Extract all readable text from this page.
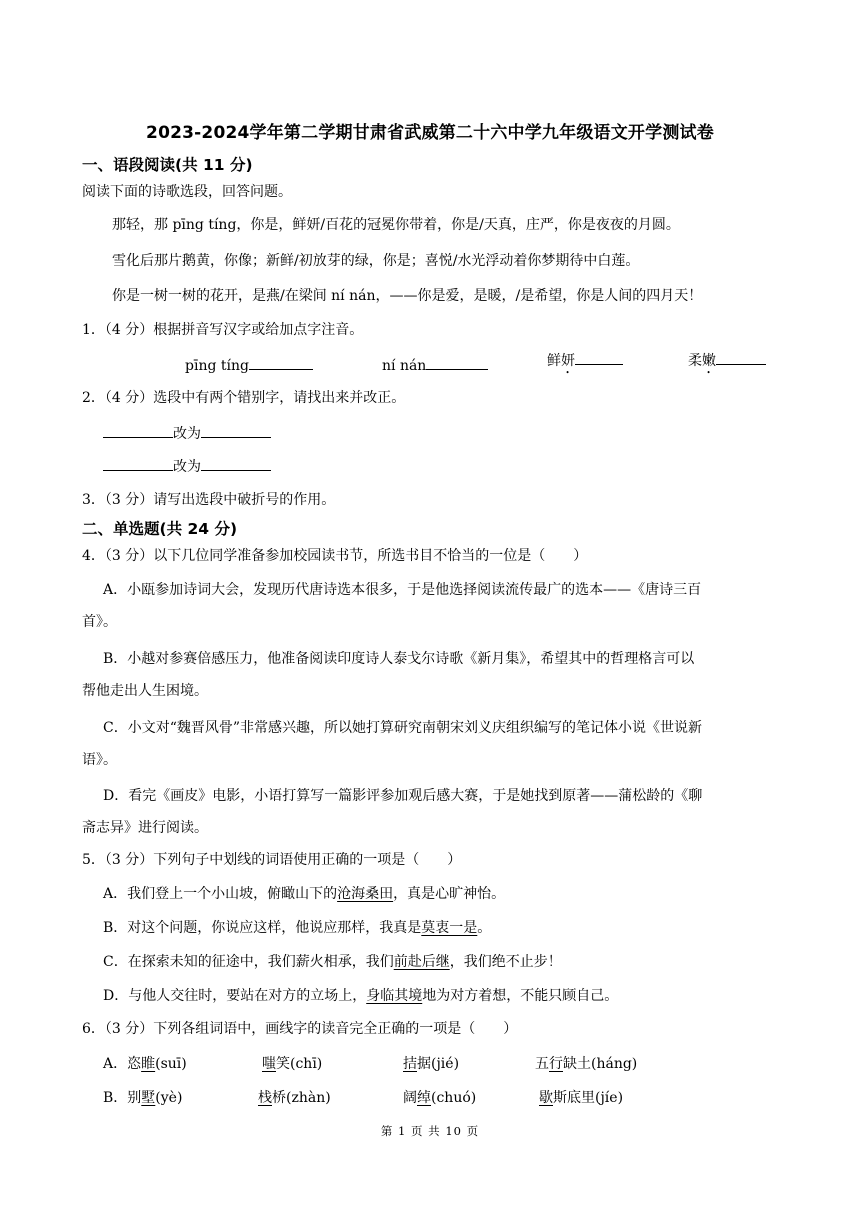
2023-2024学年第二学期甘肃省武威第二十六中学九年级语文开学测试卷
一、语段阅读(共 11 分)
阅读下面的诗歌选段，回答问题。
那轻，那 pīng tíng，你是，鲜妍/百花的冠冕你带着，你是/天真，庄严，你是夜夜的月圆。
雪化后那片鹅黄，你像；新鲜/初放芽的绿，你是；喜悦/水光浮动着你梦期待中白莲。
你是一树一树的花开，是燕/在梁间 ní nán，——你是爱，是暖，/是希望，你是人间的四月天！
1．（4 分）根据拼音写汉字或给加点字注音。
pīng tíng	ní nán	鲜妍	柔嫩
2．（4 分）选段中有两个错别字，请找出来并改正。
改为
改为
3．（3 分）请写出选段中破折号的作用。
二、单选题(共 24 分)
4．（3 分）以下几位同学准备参加校园读书节，所选书目不恰当的一位是（　　）
A．小瓯参加诗词大会，发现历代唐诗选本很多，于是他选择阅读流传最广的选本——《唐诗三百
首》。
B．小越对参赛倍感压力，他准备阅读印度诗人泰戈尔诗歌《新月集》，希望其中的哲理格言可以
帮他走出人生困境。
C．小文对“魏晋风骨”非常感兴趣，所以她打算研究南朝宋刘义庆组织编写的笔记体小说《世说新
语》。
D．看完《画皮》电影，小语打算写一篇影评参加观后感大赛，于是她找到原著——蒲松龄的《聊
斋志异》进行阅读。
5．（3 分）下列句子中划线的词语使用正确的一项是（　　）
A．我们登上一个小山坡，俯瞰山下的沧海桑田，真是心旷神怡。
B．对这个问题，你说应这样，他说应那样，我真是莫衷一是。
C．在探索未知的征途中，我们薪火相承，我们前赴后继，我们绝不止步！
D．与他人交往时，要站在对方的立场上，身临其境地为对方着想，不能只顾自己。
6．（3 分）下列各组词语中，画线字的读音完全正确的一项是（　　）
A．恣睢(suī)	嗤笑(chī)	拮据(jié)	五行缺土(háng)
B．别墅(yè)	栈桥(zhàn)	阔绰(chuó)	歇斯底里(jíe)
第 1 页 共 10 页
